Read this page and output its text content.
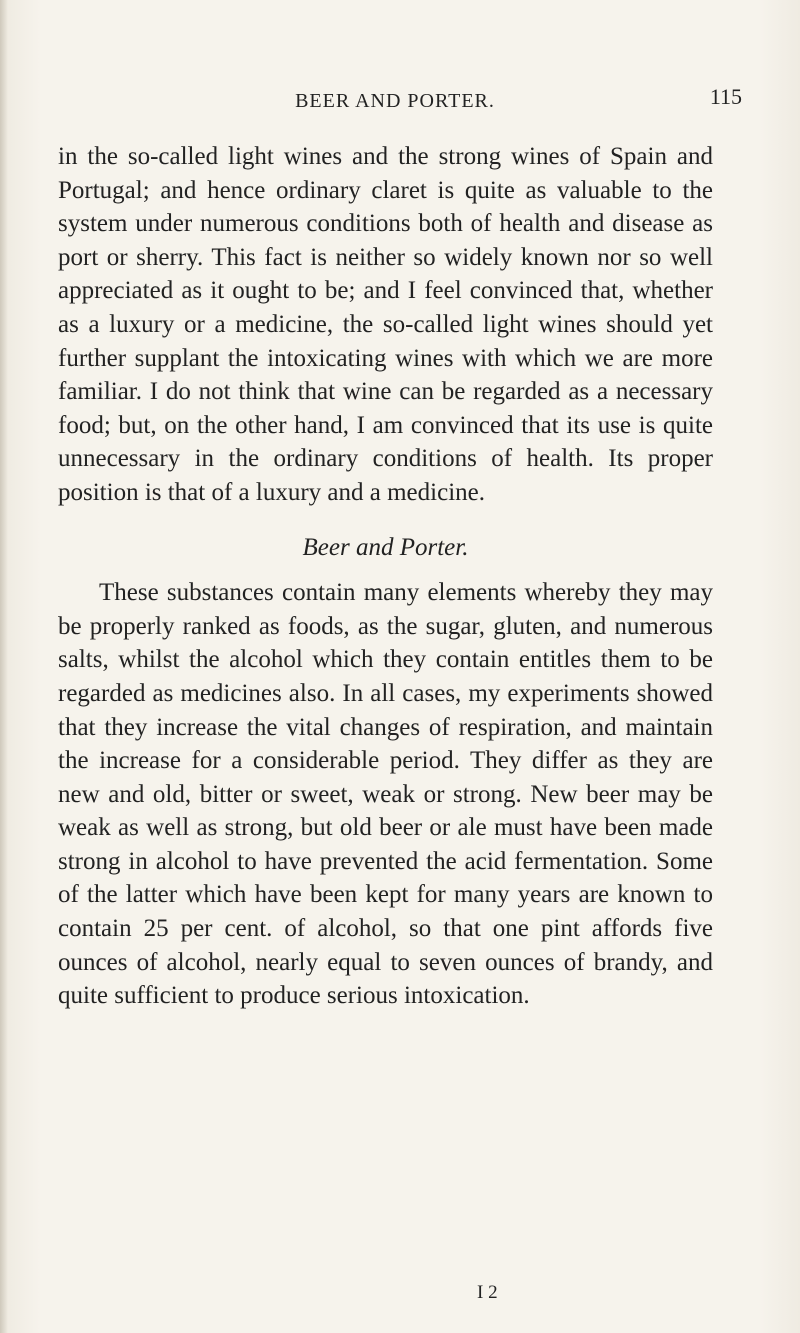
BEER AND PORTER.	115

in the so-called light wines and the strong wines of Spain and Portugal; and hence ordinary claret is quite as valuable to the system under numerous conditions both of health and disease as port or sherry. This fact is neither so widely known nor so well appreciated as it ought to be; and I feel convinced that, whether as a luxury or a medicine, the so-called light wines should yet further supplant the intoxicating wines with which we are more familiar. I do not think that wine can be regarded as a necessary food; but, on the other hand, I am convinced that its use is quite unnecessary in the ordinary conditions of health. Its proper position is that of a luxury and a medicine.

Beer and Porter.

These substances contain many elements whereby they may be properly ranked as foods, as the sugar, gluten, and numerous salts, whilst the alcohol which they contain entitles them to be regarded as medicines also. In all cases, my experiments showed that they increase the vital changes of respiration, and maintain the increase for a considerable period. They differ as they are new and old, bitter or sweet, weak or strong. New beer may be weak as well as strong, but old beer or ale must have been made strong in alcohol to have prevented the acid fermentation. Some of the latter which have been kept for many years are known to contain 25 per cent. of alcohol, so that one pint affords five ounces of alcohol, nearly equal to seven ounces of brandy, and quite sufficient to produce serious intoxication.

I 2
